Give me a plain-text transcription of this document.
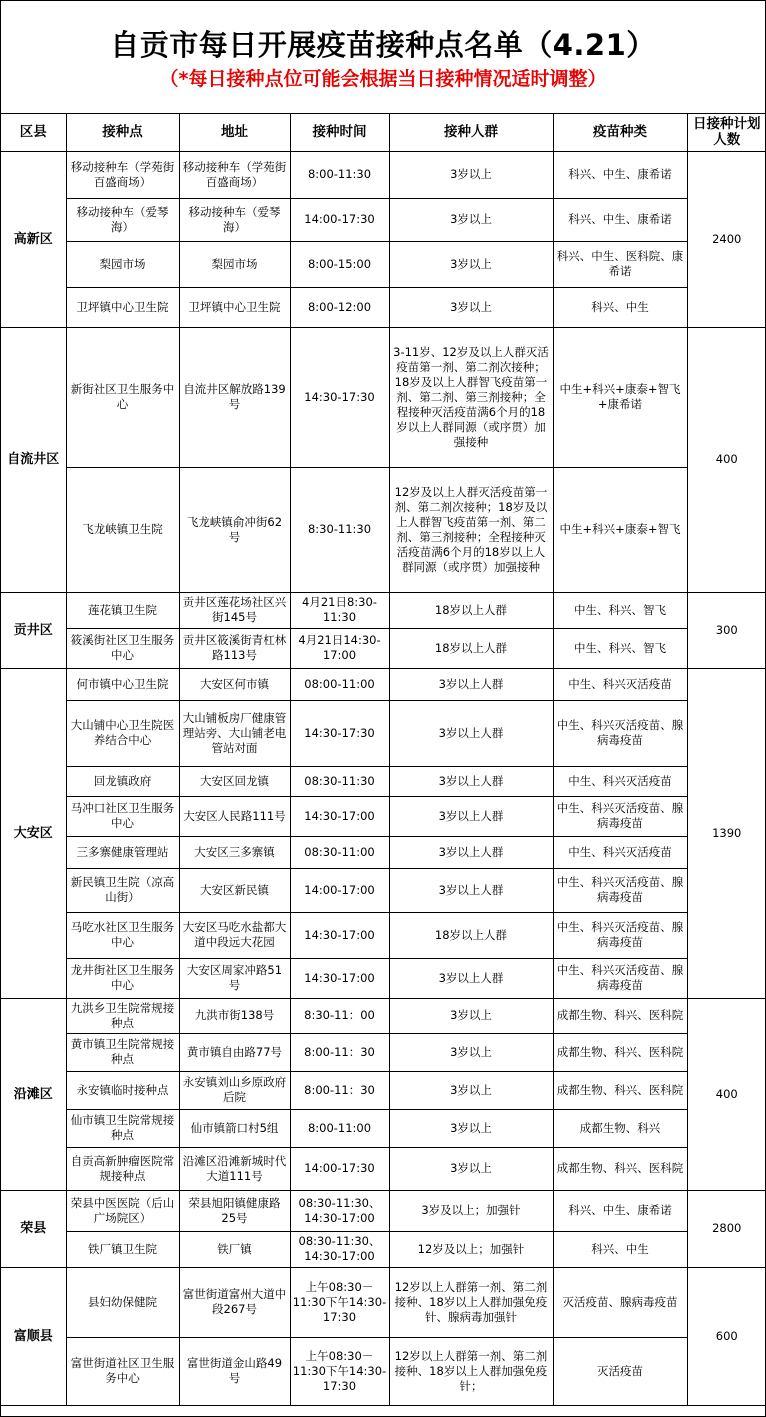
自贡市每日开展疫苗接种点名单（4.21）
（*每日接种点位可能会根据当日接种情况适时调整）
区县	接种点	地址	接种时间	接种人群	疫苗种类	日接种计划人数
高新区	移动接种车（学苑街百盛商场）	移动接种车（学苑街百盛商场）	8:00-11:30	3岁以上	科兴、中生、康希诺	2400
	移动接种车（爱琴海）	移动接种车（爱琴海）	14:00-17:30	3岁以上	科兴、中生、康希诺	
	梨园市场	梨园市场	8:00-15:00	3岁以上	科兴、中生、医科院、康希诺	
	卫坪镇中心卫生院	卫坪镇中心卫生院	8:00-12:00	3岁以上	科兴、中生	
自流井区	新街社区卫生服务中心	自流井区解放路139号	14:30-17:30	3-11岁、12岁及以上人群灭活疫苗第一剂、第二剂次接种；18岁及以上人群智飞疫苗第一剂、第二剂、第三剂接种；全程接种灭活疫苗满6个月的18岁以上人群同源（或序贯）加强接种	中生+科兴+康泰+智飞+康希诺	400
	飞龙峡镇卫生院	飞龙峡镇俞冲街62号	8:30-11:30	12岁及以上人群灭活疫苗第一剂、第二剂次接种；18岁及以上人群智飞疫苗第一剂、第二剂、第三剂接种；全程接种灭活疫苗满6个月的18岁以上人群同源（或序贯）加强接种	中生+科兴+康泰+智飞	
贡井区	莲花镇卫生院	贡井区莲花场社区兴街145号	4月21日8:30-11:30	18岁以上人群	中生、科兴、智飞	300
	筱溪街社区卫生服务中心	贡井区筱溪街青杠林路113号	4月21日14:30-17:00	18岁以上人群	中生、科兴、智飞	
大安区	何市镇中心卫生院	大安区何市镇	08:00-11:00	3岁以上人群	中生、科兴灭活疫苗	1390
	大山铺中心卫生院医养结合中心	大山铺板房厂健康管理站旁、大山铺老电管站对面	14:30-17:30	3岁以上人群	中生、科兴灭活疫苗、腺病毒疫苗	
	回龙镇政府	大安区回龙镇	08:30-11:30	3岁以上人群	中生、科兴灭活疫苗	
	马冲口社区卫生服务中心	大安区人民路111号	14:30-17:00	3岁以上人群	中生、科兴灭活疫苗、腺病毒疫苗	
	三多寨健康管理站	大安区三多寨镇	08:30-11:00	3岁以上人群	中生、科兴灭活疫苗	
	新民镇卫生院（凉高山街）	大安区新民镇	14:00-17:00	3岁以上人群	中生、科兴灭活疫苗、腺病毒疫苗	
	马吃水社区卫生服务中心	大安区马吃水盐都大道中段远大花园	14:30-17:00	18岁以上人群	中生、科兴灭活疫苗、腺病毒疫苗	
	龙井街社区卫生服务中心	大安区周家冲路51号	14:30-17:00	3岁以上人群	中生、科兴灭活疫苗、腺病毒疫苗	
沿滩区	九洪乡卫生院常规接种点	九洪市街138号	8:30-11：00	3岁以上	成都生物、科兴、医科院	400
	黄市镇卫生院常规接种点	黄市镇自由路77号	8:00-11：30	3岁以上	成都生物、科兴、医科院	
	永安镇临时接种点	永安镇刘山乡原政府后院	8:00-11：30	3岁以上	成都生物、科兴、医科院	
	仙市镇卫生院常规接种点	仙市镇箭口村5组	8:00-11:00	3岁以上	成都生物、科兴	
	自贡高新肿瘤医院常规接种点	沿滩区沿滩新城时代大道111号	14:00-17:30	3岁以上	成都生物、科兴、医科院	
荣县	荣县中医医院（后山广场院区）	荣县旭阳镇健康路25号	08:30-11:30、14:30-17:00	3岁及以上；加强针	科兴、中生、康希诺	2800
	铁厂镇卫生院	铁厂镇	08:30-11:30、14:30-17:00	12岁及以上；加强针	科兴、中生	
富顺县	县妇幼保健院	富世街道富州大道中段267号	上午08:30－11:30下午14:30-17:30	12岁以上人群第一剂、第二剂接种、18岁以上人群加强免疫针、腺病毒加强针	灭活疫苗、腺病毒疫苗	600
	富世街道社区卫生服务中心	富世街道金山路49号	上午08:30－11:30下午14:30-17:30	12岁以上人群第一剂、第二剂接种、18岁以上人群加强免疫针；	灭活疫苗	
